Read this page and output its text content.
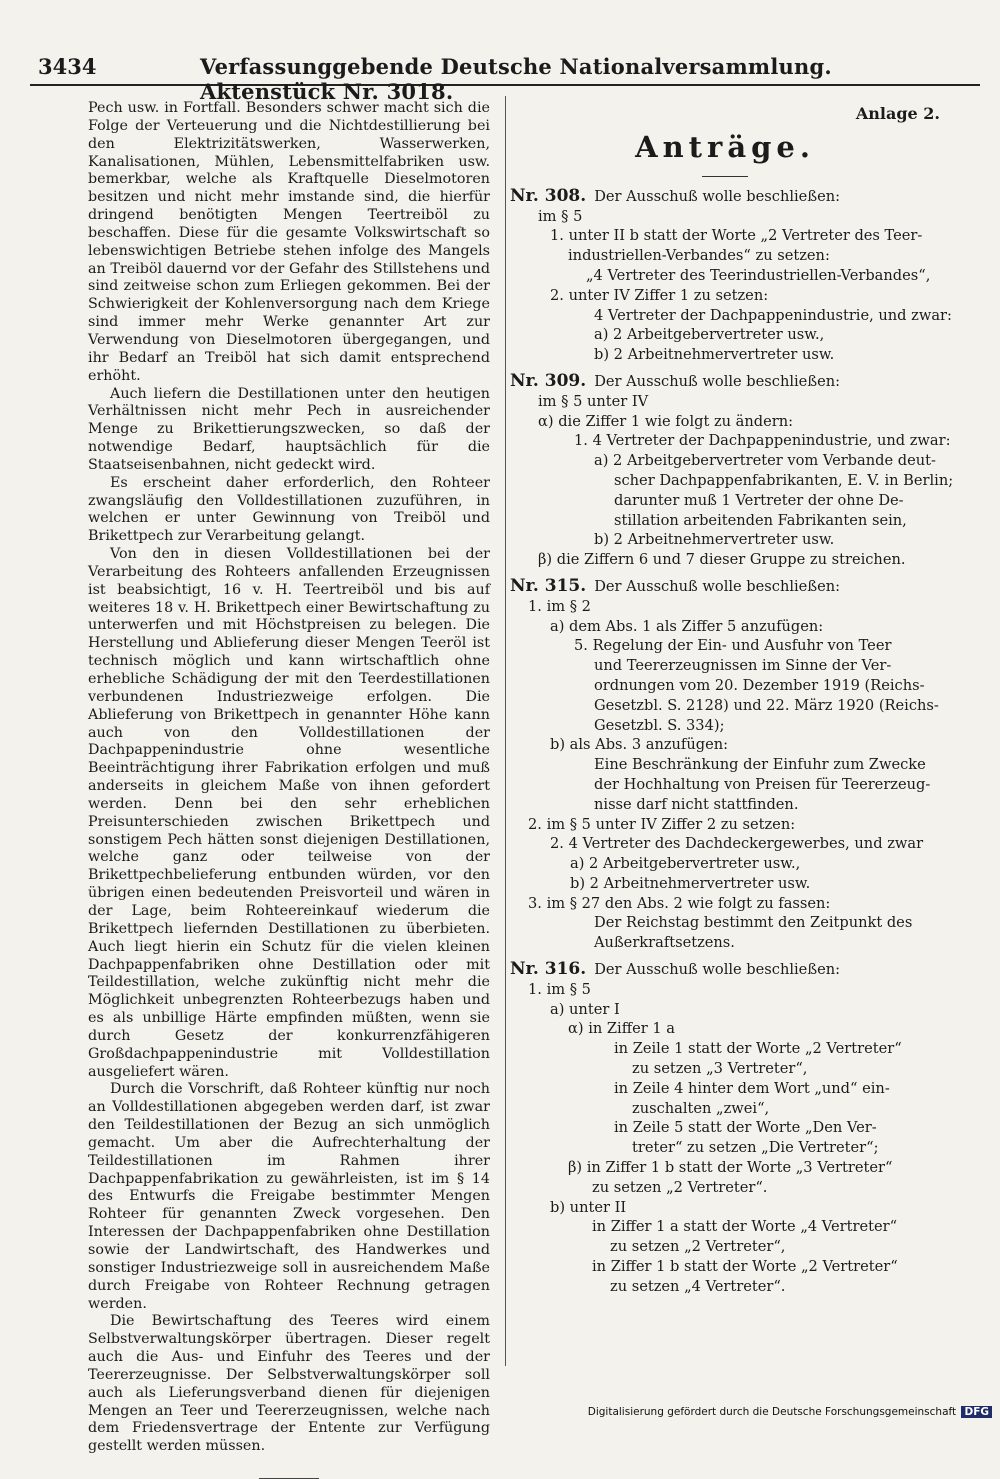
3434	Verfassunggebende Deutsche Nationalversammlung.   Aktenstück Nr. 3018.

Pech usw. in Fortfall. Besonders schwer macht sich die Folge der Verteuerung und die Nichtdestillierung bei den Elektrizitätswerken, Wasserwerken, Kanalisationen, Mühlen, Lebensmittelfabriken usw. bemerkbar, welche als Kraftquelle Dieselmotoren besitzen und nicht mehr imstande sind, die hierfür dringend benötigten Mengen Teertreiböl zu beschaffen. Diese für die gesamte Volkswirtschaft so lebenswichtigen Betriebe stehen infolge des Mangels an Treiböl dauernd vor der Gefahr des Stillstehens und sind zeitweise schon zum Erliegen gekommen. Bei der Schwierigkeit der Kohlenversorgung nach dem Kriege sind immer mehr Werke genannter Art zur Verwendung von Dieselmotoren übergegangen, und ihr Bedarf an Treiböl hat sich damit entsprechend erhöht.

Auch liefern die Destillationen unter den heutigen Verhältnissen nicht mehr Pech in ausreichender Menge zu Brikettierungszwecken, so daß der notwendige Bedarf, hauptsächlich für die Staatseisenbahnen, nicht gedeckt wird.

Es erscheint daher erforderlich, den Rohteer zwangsläufig den Volldestillationen zuzuführen, in welchen er unter Gewinnung von Treiböl und Brikettpech zur Verarbeitung gelangt.

Von den in diesen Volldestillationen bei der Verarbeitung des Rohteers anfallenden Erzeugnissen ist beabsichtigt, 16 v. H. Teertreiböl und bis auf weiteres 18 v. H. Brikettpech einer Bewirtschaftung zu unterwerfen und mit Höchstpreisen zu belegen. Die Herstellung und Ablieferung dieser Mengen Teeröl ist technisch möglich und kann wirtschaftlich ohne erhebliche Schädigung der mit den Teerdestillationen verbundenen Industriezweige erfolgen. Die Ablieferung von Brikettpech in genannter Höhe kann auch von den Volldestillationen der Dachpappenindustrie ohne wesentliche Beeinträchtigung ihrer Fabrikation erfolgen und muß anderseits in gleichem Maße von ihnen gefordert werden. Denn bei den sehr erheblichen Preisunterschieden zwischen Brikettpech und sonstigem Pech hätten sonst diejenigen Destillationen, welche ganz oder teilweise von der Brikettpechbelieferung entbunden würden, vor den übrigen einen bedeutenden Preisvorteil und wären in der Lage, beim Rohteereinkauf wiederum die Brikettpech liefernden Destillationen zu überbieten. Auch liegt hierin ein Schutz für die vielen kleinen Dachpappenfabriken ohne Destillation oder mit Teildestillation, welche zukünftig nicht mehr die Möglichkeit unbegrenzten Rohteerbezugs haben und es als unbillige Härte empfinden müßten, wenn sie durch Gesetz der konkurrenzfähigeren Großdachpappenindustrie mit Volldestillation ausgeliefert wären.

Durch die Vorschrift, daß Rohteer künftig nur noch an Volldestillationen abgegeben werden darf, ist zwar den Teildestillationen der Bezug an sich unmöglich gemacht. Um aber die Aufrechterhaltung der Teildestillationen im Rahmen ihrer Dachpappenfabrikation zu gewährleisten, ist im § 14 des Entwurfs die Freigabe bestimmter Mengen Rohteer für genannten Zweck vorgesehen. Den Interessen der Dachpappenfabriken ohne Destillation sowie der Landwirtschaft, des Handwerkes und sonstiger Industriezweige soll in ausreichendem Maße durch Freigabe von Rohteer Rechnung getragen werden.

Die Bewirtschaftung des Teeres wird einem Selbstverwaltungskörper übertragen. Dieser regelt auch die Aus- und Einfuhr des Teeres und der Teererzeugnisse. Der Selbstverwaltungskörper soll auch als Lieferungsverband dienen für diejenigen Mengen an Teer und Teererzeugnissen, welche nach dem Friedensvertrage der Entente zur Verfügung gestellt werden müssen.

Anlage 2.
Anträge.
Nr. 308. Der Ausschuß wolle beschließen:
im § 5
1. unter II b statt der Worte „2 Vertreter des Teer-
industriellen-Verbandes“ zu setzen:
„4 Vertreter des Teerindustriellen-Verbandes“,
2. unter IV Ziffer 1 zu setzen:
4 Vertreter der Dachpappenindustrie, und zwar:
a) 2 Arbeitgebervertreter usw.,
b) 2 Arbeitnehmervertreter usw.
Nr. 309. Der Ausschuß wolle beschließen:
im § 5 unter IV
α) die Ziffer 1 wie folgt zu ändern:
1. 4 Vertreter der Dachpappenindustrie, und zwar:
a) 2 Arbeitgebervertreter vom Verbande deut-
scher Dachpappenfabrikanten, E. V. in Berlin;
darunter muß 1 Vertreter der ohne De-
stillation arbeitenden Fabrikanten sein,
b) 2 Arbeitnehmervertreter usw.
β) die Ziffern 6 und 7 dieser Gruppe zu streichen.
Nr. 315. Der Ausschuß wolle beschließen:
1. im § 2
a) dem Abs. 1 als Ziffer 5 anzufügen:
5. Regelung der Ein- und Ausfuhr von Teer
und Teererzeugnissen im Sinne der Ver-
ordnungen vom 20. Dezember 1919 (Reichs-
Gesetzbl. S. 2128) und 22. März 1920 (Reichs-
Gesetzbl. S. 334);
b) als Abs. 3 anzufügen:
Eine Beschränkung der Einfuhr zum Zwecke
der Hochhaltung von Preisen für Teererzeug-
nisse darf nicht stattfinden.
2. im § 5 unter IV Ziffer 2 zu setzen:
2. 4 Vertreter des Dachdeckergewerbes, und zwar
a) 2 Arbeitgebervertreter usw.,
b) 2 Arbeitnehmervertreter usw.
3. im § 27 den Abs. 2 wie folgt zu fassen:
Der Reichstag bestimmt den Zeitpunkt des
Außerkraftsetzens.
Nr. 316. Der Ausschuß wolle beschließen:
1. im § 5
a) unter I
α) in Ziffer 1 a
in Zeile 1 statt der Worte „2 Vertreter“
zu setzen „3 Vertreter“,
in Zeile 4 hinter dem Wort „und“ ein-
zuschalten „zwei“,
in Zeile 5 statt der Worte „Den Ver-
treter“ zu setzen „Die Vertreter“;
β) in Ziffer 1 b statt der Worte „3 Vertreter“
zu setzen „2 Vertreter“.
b) unter II
in Ziffer 1 a statt der Worte „4 Vertreter“
zu setzen „2 Vertreter“,
in Ziffer 1 b statt der Worte „2 Vertreter“
zu setzen „4 Vertreter“.
Digitalisierung gefördert durch die Deutsche Forschungsgemeinschaft DFG
